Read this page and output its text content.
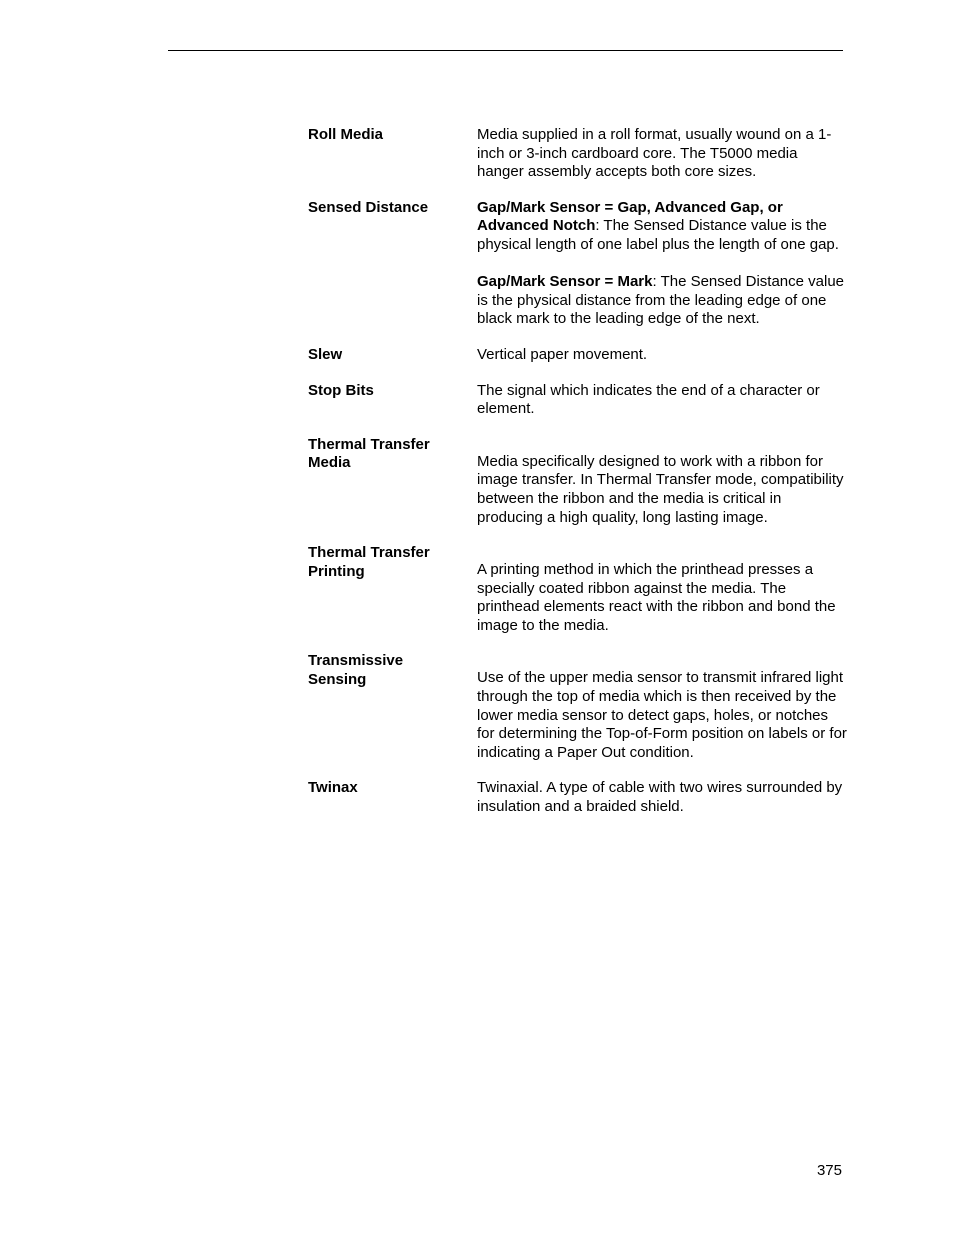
Roll Media	Media supplied in a roll format, usually wound on a 1-inch or 3-inch cardboard core. The T5000 media hanger assembly accepts both core sizes.

Sensed Distance	Gap/Mark Sensor = Gap, Advanced Gap, or Advanced Notch: The Sensed Distance value is the physical length of one label plus the length of one gap.

Gap/Mark Sensor = Mark: The Sensed Distance value is the physical distance from the leading edge of one black mark to the leading edge of the next.

Slew	Vertical paper movement.

Stop Bits	The signal which indicates the end of a character or element.

Thermal Transfer
Media	Media specifically designed to work with a ribbon for image transfer. In Thermal Transfer mode, compatibility between the ribbon and the media is critical in producing a high quality, long lasting image.

Thermal Transfer
Printing	A printing method in which the printhead presses a specially coated ribbon against the media. The printhead elements react with the ribbon and bond the image to the media.

Transmissive
Sensing	Use of the upper media sensor to transmit infrared light through the top of media which is then received by the lower media sensor to detect gaps, holes, or notches for determining the Top-of-Form position on labels or for indicating a Paper Out condition.

Twinax	Twinaxial. A type of cable with two wires surrounded by insulation and a braided shield.

375
